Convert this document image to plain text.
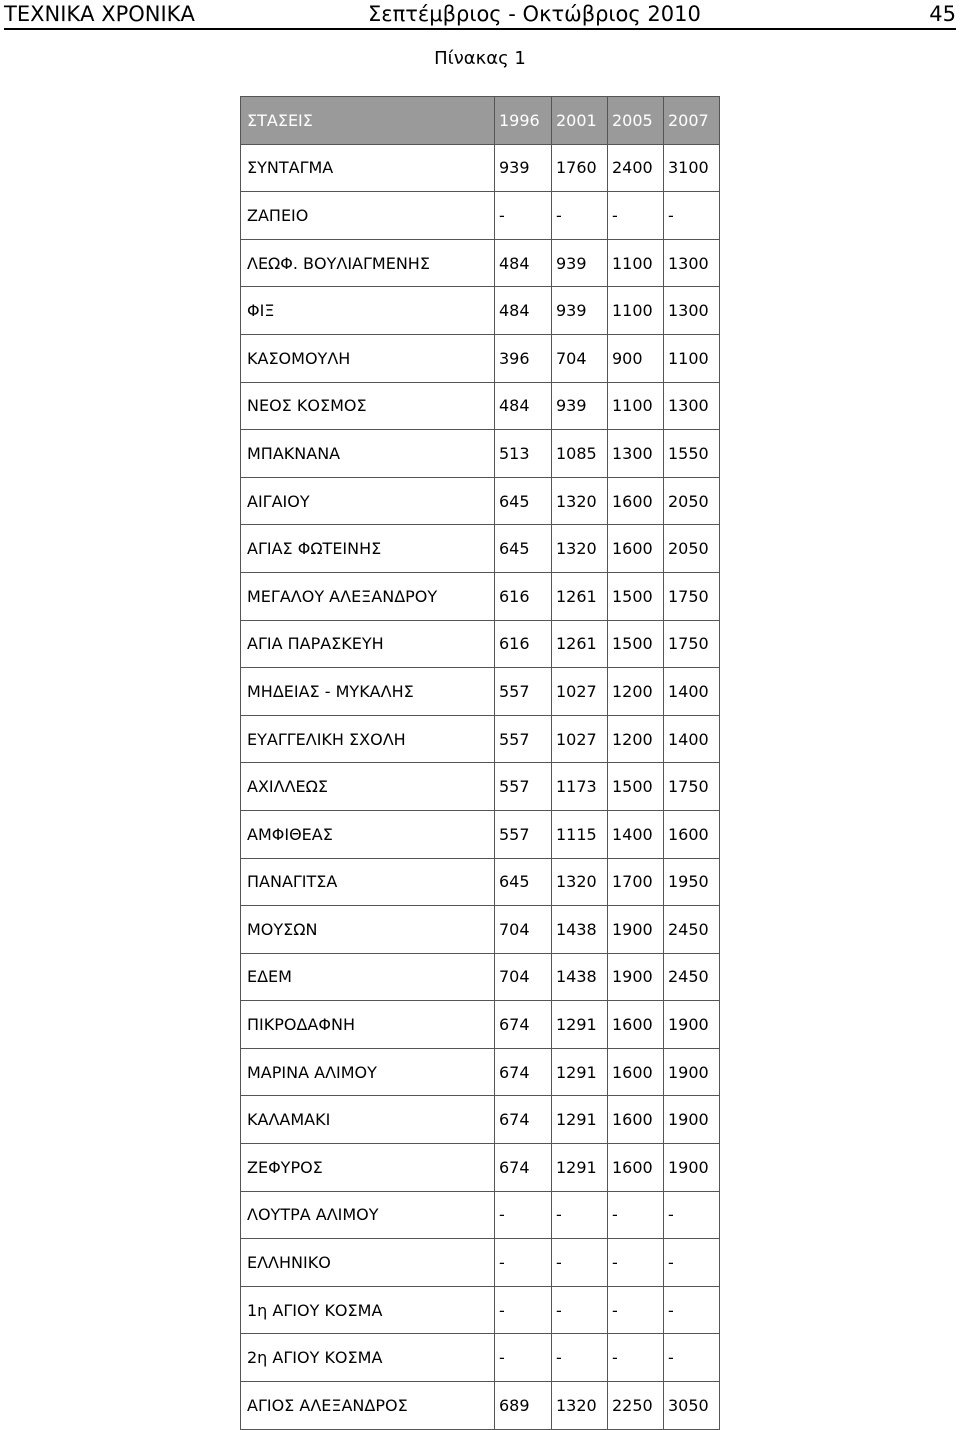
ΤΕΧΝΙΚΑ ΧΡΟΝΙΚΑ	Σεπτέμβριος - Οκτώβριος 2010	45
Πίνακας 1
ΣΤΑΣΕΙΣ	1996	2001	2005	2007
ΣΥΝΤΑΓΜΑ	939	1760	2400	3100
ΖΑΠΕΙΟ	-	-	-	-
ΛΕΩΦ. ΒΟΥΛΙΑΓΜΕΝΗΣ	484	939	1100	1300
ΦΙΞ	484	939	1100	1300
ΚΑΣΟΜΟΥΛΗ	396	704	900	1100
ΝΕΟΣ ΚΟΣΜΟΣ	484	939	1100	1300
ΜΠΑΚΝΑΝΑ	513	1085	1300	1550
ΑΙΓΑΙΟΥ	645	1320	1600	2050
ΑΓΙΑΣ ΦΩΤΕΙΝΗΣ	645	1320	1600	2050
ΜΕΓΑΛΟΥ ΑΛΕΞΑΝΔΡΟΥ	616	1261	1500	1750
ΑΓΙΑ ΠΑΡΑΣΚΕΥΗ	616	1261	1500	1750
ΜΗΔΕΙΑΣ - ΜΥΚΑΛΗΣ	557	1027	1200	1400
ΕΥΑΓΓΕΛΙΚΗ ΣΧΟΛΗ	557	1027	1200	1400
ΑΧΙΛΛΕΩΣ	557	1173	1500	1750
ΑΜΦΙΘΕΑΣ	557	1115	1400	1600
ΠΑΝΑΓΙΤΣΑ	645	1320	1700	1950
ΜΟΥΣΩΝ	704	1438	1900	2450
ΕΔΕΜ	704	1438	1900	2450
ΠΙΚΡΟΔΑΦΝΗ	674	1291	1600	1900
ΜΑΡΙΝΑ ΑΛΙΜΟΥ	674	1291	1600	1900
ΚΑΛΑΜΑΚΙ	674	1291	1600	1900
ΖΕΦΥΡΟΣ	674	1291	1600	1900
ΛΟΥΤΡΑ ΑΛΙΜΟΥ	-	-	-	-
ΕΛΛΗΝΙΚΟ	-	-	-	-
1η ΑΓΙΟΥ ΚΟΣΜΑ	-	-	-	-
2η ΑΓΙΟΥ ΚΟΣΜΑ	-	-	-	-
ΑΓΙΟΣ ΑΛΕΞΑΝΔΡΟΣ	689	1320	2250	3050
